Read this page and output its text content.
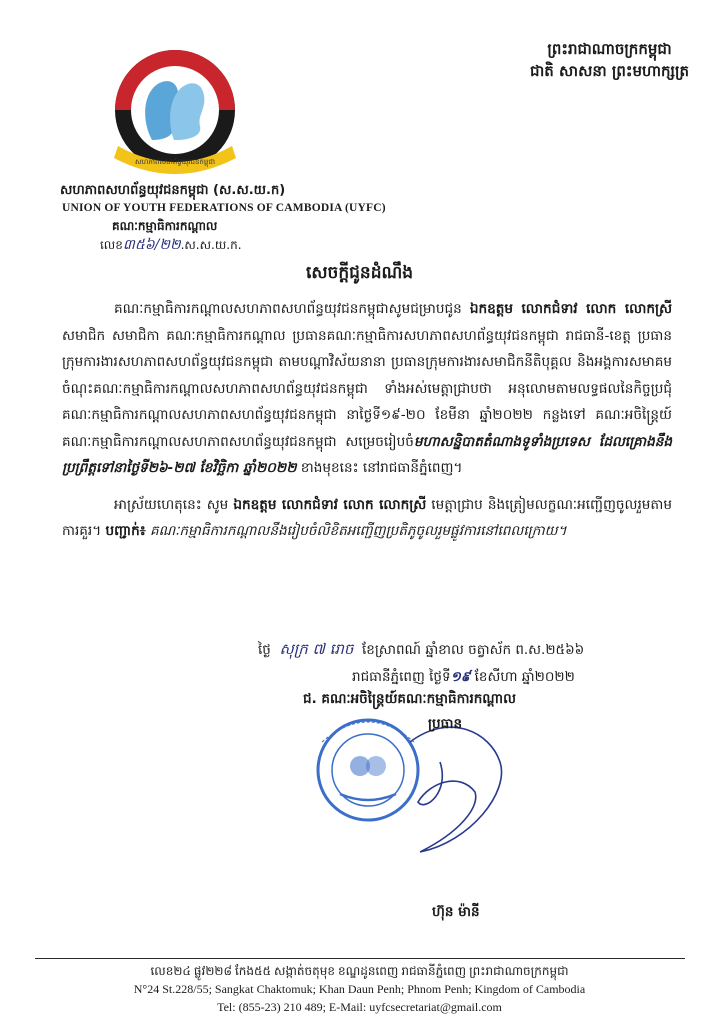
ព្រះរាជាណាចក្រកម្ពុជា
ជាតិ សាសនា ព្រះមហាក្សត្រ
សហភាពសហព័ន្ធយុវជនកម្ពុជា
សហភាពសហព័ន្ធយុវជនកម្ពុជា (ស.ស.យ.ក)
UNION OF YOUTH FEDERATIONS OF CAMBODIA (UYFC)
គណៈកម្មាធិការកណ្ដាល
លេខ៣៥៦/២២.ស.ស.យ.ក.
សេចក្តីជូនដំណឹង

គណៈកម្មាធិការកណ្តាលសហភាពសហព័ន្ធយុវជនកម្ពុជាសូមជម្រាបជូន ឯកឧត្តម លោកជំទាវ លោក លោកស្រី សមាជិក សមាជិកា គណៈកម្មាធិការកណ្តាល ប្រធានគណៈកម្មាធិការសហភាពសហព័ន្ធយុវជនកម្ពុជា រាជធានី-ខេត្ត ប្រធានក្រុមការងារសហភាពសហព័ន្ធយុវជនកម្ពុជា តាមបណ្តាវិស័យនានា ប្រធានក្រុមការងារសមាជិកនីតិបុគ្គល និងអង្គការសមាគមចំណុះគណៈកម្មាធិការកណ្តាលសហភាពសហព័ន្ធយុវជនកម្ពុជា ទាំងអស់មេត្តាជ្រាបថា អនុលោមតាមលទ្ធផលនៃកិច្ចប្រជុំគណៈកម្មាធិការកណ្តាលសហភាពសហព័ន្ធយុវជនកម្ពុជា នាថ្ងៃទី១៩-២០ ខែមីនា ឆ្នាំ២០២២ កន្លងទៅ គណៈអចិន្ត្រៃយ៍គណៈកម្មាធិការកណ្តាលសហភាពសហព័ន្ធយុវជនកម្ពុជា សម្រេចរៀបចំមហាសន្និបាតតំណាងទូទាំងប្រទេស ដែលគ្រោងនឹងប្រព្រឹត្តទៅនាថ្ងៃទី២៦-២៧ ខែវិច្ឆិកា ឆ្នាំ២០២២ ខាងមុខនេះ នៅរាជធានីភ្នំពេញ។

អាស្រ័យហេតុនេះ សូម ឯកឧត្តម លោកជំទាវ លោក លោកស្រី មេត្តាជ្រាប និងត្រៀមលក្ខណៈអញ្ជើញចូលរួមតាមការគួរ។ បញ្ជាក់៖ គណៈកម្មាធិការកណ្តាលនឹងរៀបចំលិខិតអញ្ជើញប្រតិភូចូលរួមផ្លូវការនៅពេលក្រោយ។

ថ្ងៃ សុក្រ ៧ រោច ខែស្រាពណ៍ ឆ្នាំខាល ចត្វាស័ក ព.ស.២៥៦៦
រាជធានីភ្នំពេញ ថ្ងៃទី១៩ ខែសីហា ឆ្នាំ២០២២
ជ. គណៈអចិន្ត្រៃយ៍គណៈកម្មាធិការកណ្តាល
ប្រធាន
ហ៊ុន ម៉ានី
លេខ២៤ ផ្លូវ២២៨ កែង៥៥ សង្កាត់ចតុមុខ ខណ្ឌដូនពេញ រាជធានីភ្នំពេញ ព្រះរាជាណាចក្រកម្ពុជា
N°24 St.228/55; Sangkat Chaktomuk; Khan Daun Penh; Phnom Penh; Kingdom of Cambodia
Tel: (855-23) 210 489; E-Mail: uyfcsecretariat@gmail.com
